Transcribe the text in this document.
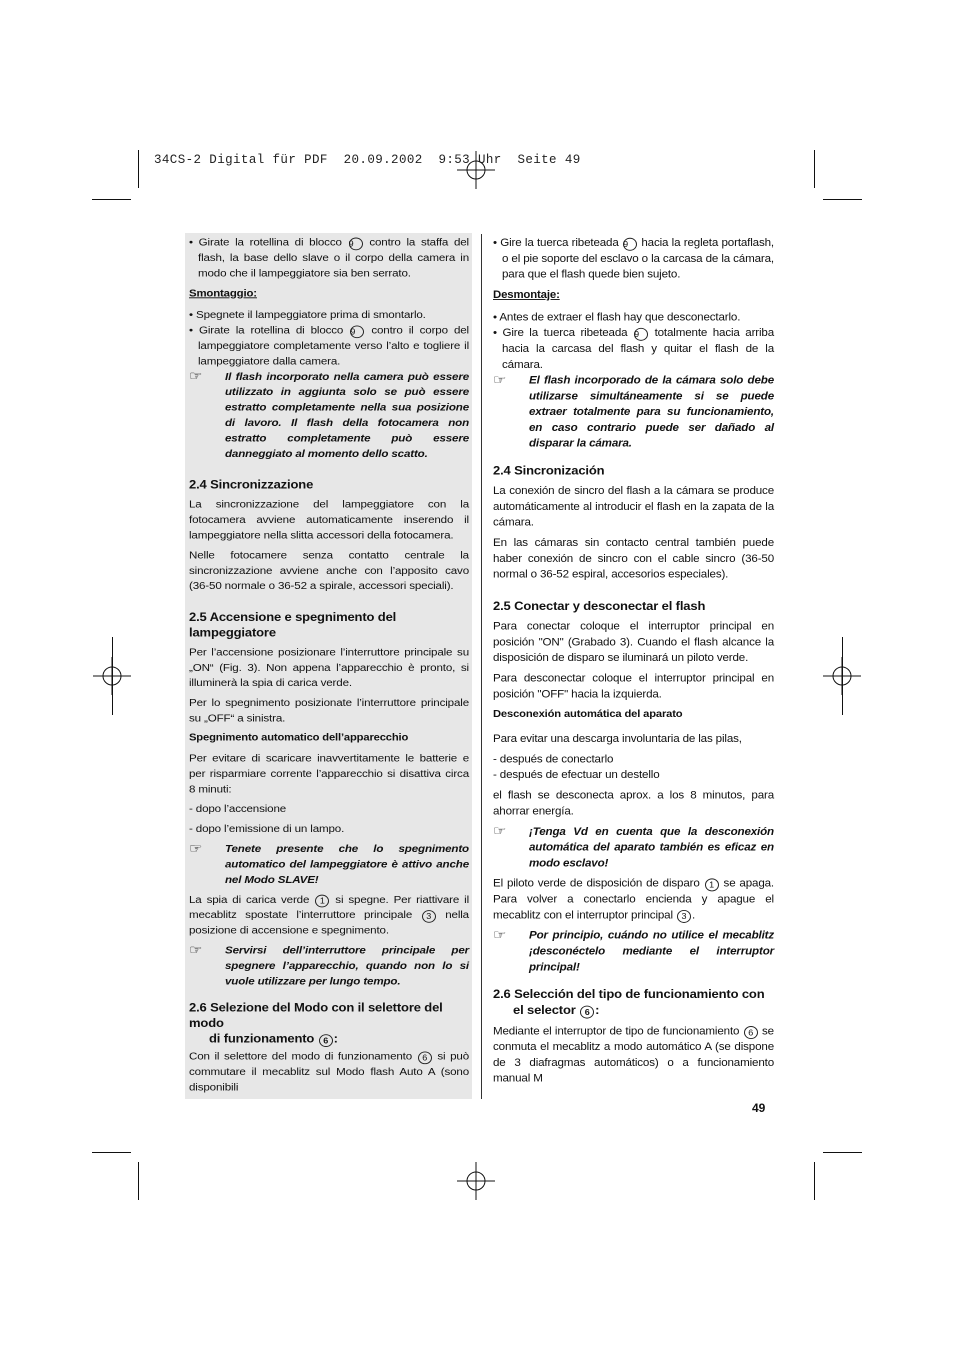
34CS-2 Digital für PDF  20.09.2002  9:53 Uhr  Seite 49

• Girate la rotellina di blocco 9 contro la staffa del flash, la base dello slave o il corpo della camera in modo che il lampeggiatore sia ben serrato.

Smontaggio:

• Spegnete il lampeggiatore prima di smontarlo.

• Girate la rotellina di blocco 9 contro il corpo del lampeggiatore completamente verso l’alto e togliere il lampeggiatore dalla camera.

☞	Il flash incorporato nella camera può essere utilizzato in aggiunta solo se può essere estratto completamente nella sua posizione di lavoro. Il flash della fotocamera non estratto completamente può essere danneggiato al momento dello scatto.
2.4 Sincronizzazione

La sincronizzazione del lampeggiatore con la fotocamera avviene automaticamente inserendo il lampeggiatore nella slitta accessori della fotocamera.

Nelle fotocamere senza contatto centrale la sincronizzazione avviene anche con l’apposito cavo (36-50 normale o 36-52 a spirale, accessori speciali).

2.5 Accensione e spegnimento del lampeggiatore

Per l’accensione posizionare l’interruttore principale su „ON“ (Fig. 3). Non appena l’apparecchio è pronto, si illuminerà la spia di carica verde.

Per lo spegnimento posizionate l’interruttore principale su „OFF“ a sinistra.

Spegnimento automatico dell’apparecchio

Per evitare di scaricare inavvertitamente le batterie e per risparmiare corrente l’apparecchio si disattiva circa 8 minuti:

- dopo l’accensione
- dopo l’emissione di un lampo.
☞	Tenete presente che lo spegnimento automatico del lampeggiatore è attivo anche nel Modo SLAVE!

La spia di carica verde 1 si spegne. Per riattivare il mecablitz spostate l’interruttore principale 3 nella posizione di accensione e spegnimento.

☞	Servirsi dell’interruttore principale per spegnere l’apparecchio, quando non lo si vuole utilizzare per lungo tempo.
2.6 Selezione del Modo con il selettore del modo
di funzionamento 6 :

Con il selettore del modo di funzionamento 6 si può commutare il mecablitz sul Modo flash Auto A (sono disponibili

• Gire la tuerca ribeteada 9 hacia la regleta portaflash, o el pie soporte del esclavo o la carcasa de la cámara, para que el flash quede bien sujeto.

Desmontaje:

• Antes de extraer el flash hay que desconectarlo.

• Gire la tuerca ribeteada 9 totalmente hacia arriba hacia la carcasa del flash y quitar el flash de la cámara.

☞	El flash incorporado de la cámara solo debe utilizarse simultáneamente si se puede extraer totalmente para su funcionamiento, en caso contrario puede ser dañado al disparar la cámara.
2.4 Sincronización

La conexión de sincro del flash a la cámara se produce automáticamente al introducir el flash en la zapata de la cámara.

En las cámaras sin contacto central también puede haber conexión de sincro con el cable sincro (36-50 normal o 36-52 espiral, accesorios especiales).

2.5 Conectar y desconectar el flash

Para conectar coloque el interruptor principal en posición "ON" (Grabado 3). Cuando el flash alcance la disposición de disparo se iluminará un piloto verde.

Para desconectar coloque el interruptor principal en posición "OFF" hacia la izquierda.

Desconexión automática del aparato

Para evitar una descarga involuntaria de las pilas,

- después de conectarlo
- después de efectuar un destello

el flash se desconecta aprox. a los 8 minutos, para ahorrar energía.

☞	¡Tenga Vd en cuenta que la desconexión automática del aparato también es eficaz en modo esclavo!

El piloto verde de disposición de disparo 1 se apaga. Para volver a conectarlo encienda y apague el mecablitz con el interruptor principal 3 .

☞	Por principio, cuándo no utilice el mecablitz ¡desconéctelo mediante el interruptor principal!
2.6 Selección del tipo de funcionamiento con el selector 6 :

Mediante el interruptor de tipo de funcionamiento 6 se conmuta el mecablitz a modo automático A (se dispone de 3 diafragmas automáticos) o a funcionamiento manual M

49
